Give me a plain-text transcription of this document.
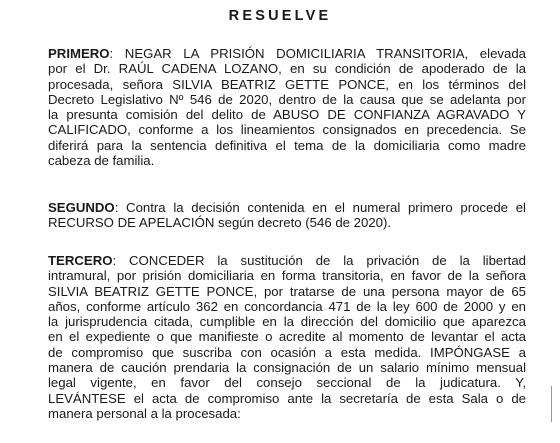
RESUELVE
PRIMERO: NEGAR LA PRISIÓN DOMICILIARIA TRANSITORIA, elevada
por el Dr. RAÚL CADENA LOZANO, en su condición de apoderado de la
procesada, señora SILVIA BEATRIZ GETTE PONCE, en los términos del
Decreto Legislativo Nº 546 de 2020, dentro de la causa que se adelanta por
la presunta comisión del delito de ABUSO DE CONFIANZA AGRAVADO Y
CALIFICADO, conforme a los lineamientos consignados en precedencia. Se
diferirá para la sentencia definitiva el tema de la domiciliaria como madre
cabeza de familia.
SEGUNDO: Contra la decisión contenida en el numeral primero procede el
RECURSO DE APELACIÓN según decreto (546 de 2020).
TERCERO: CONCEDER la sustitución de la privación de la libertad
intramural, por prisión domiciliaria en forma transitoria, en favor de la señora
SILVIA BEATRIZ GETTE PONCE, por tratarse de una persona mayor de 65
años, conforme artículo 362 en concordancia 471 de la ley 600 de 2000 y en
la jurisprudencia citada, cumplible en la dirección del domicilio que aparezca
en el expediente o que manifieste o acredite al momento de levantar el acta
de compromiso que suscriba con ocasión a esta medida. IMPÓNGASE a
manera de caución prendaria la consignación de un salario mínimo mensual
legal vigente, en favor del consejo seccional de la judicatura. Y,
LEVÁNTESE el acta de compromiso ante la secretaría de esta Sala o de
manera personal a la procesada:
